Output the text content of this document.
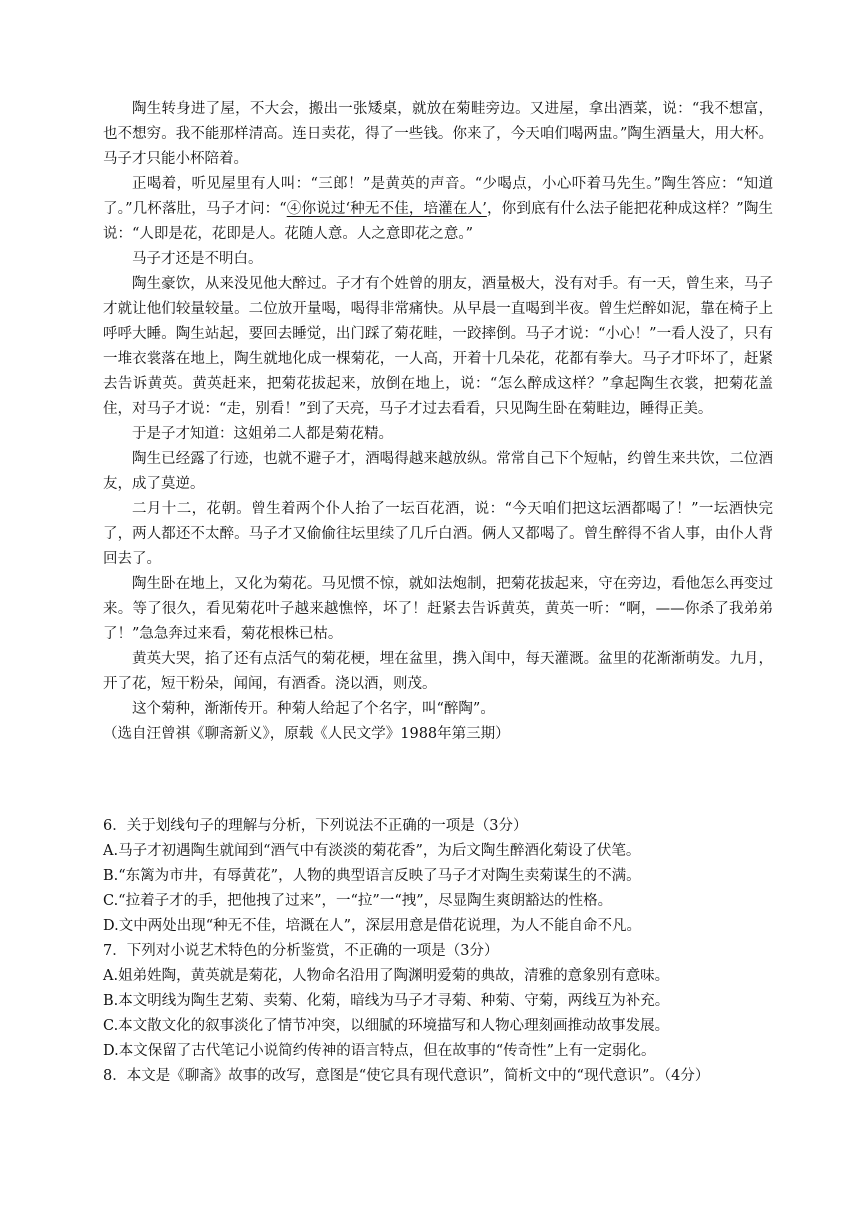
陶生转身进了屋，不大会，搬出一张矮桌，就放在菊畦旁边。又进屋，拿出酒菜，说：“我不想富，也不想穷。我不能那样清高。连日卖花，得了一些钱。你来了，今天咱们喝两盅。”陶生酒量大，用大杯。马子才只能小杯陪着。

正喝着，听见屋里有人叫：“三郎！”是黄英的声音。“少喝点，小心吓着马先生。”陶生答应：“知道了。”几杯落肚，马子才问：“④你说过‘种无不佳，培灌在人’，你到底有什么法子能把花种成这样？”陶生说：“人即是花，花即是人。花随人意。人之意即花之意。”

马子才还是不明白。

陶生豪饮，从来没见他大醉过。子才有个姓曾的朋友，酒量极大，没有对手。有一天，曾生来，马子才就让他们较量较量。二位放开量喝，喝得非常痛快。从早晨一直喝到半夜。曾生烂醉如泥，靠在椅子上呼呼大睡。陶生站起，要回去睡觉，出门踩了菊花畦，一跤摔倒。马子才说：“小心！”一看人没了，只有一堆衣裳落在地上，陶生就地化成一棵菊花，一人高，开着十几朵花，花都有拳大。马子才吓坏了，赶紧去告诉黄英。黄英赶来，把菊花拔起来，放倒在地上，说：“怎么醉成这样？”拿起陶生衣裳，把菊花盖住，对马子才说：“走，别看！”到了天亮，马子才过去看看，只见陶生卧在菊畦边，睡得正美。

于是子才知道：这姐弟二人都是菊花精。

陶生已经露了行迹，也就不避子才，酒喝得越来越放纵。常常自己下个短帖，约曾生来共饮，二位酒友，成了莫逆。

二月十二，花朝。曾生着两个仆人抬了一坛百花酒，说：“今天咱们把这坛酒都喝了！”一坛酒快完了，两人都还不太醉。马子才又偷偷往坛里续了几斤白酒。俩人又都喝了。曾生醉得不省人事，由仆人背回去了。

陶生卧在地上，又化为菊花。马见惯不惊，就如法炮制，把菊花拔起来，守在旁边，看他怎么再变过来。等了很久，看见菊花叶子越来越憔悴，坏了！赶紧去告诉黄英，黄英一听：“啊，——你杀了我弟弟了！”急急奔过来看，菊花根株已枯。

黄英大哭，掐了还有点活气的菊花梗，埋在盆里，携入闺中，每天灌溉。盆里的花渐渐萌发。九月，开了花，短干粉朵，闻闻，有酒香。浇以酒，则茂。

这个菊种，渐渐传开。种菊人给起了个名字，叫“醉陶”。

（选自汪曾祺《聊斋新义》，原载《人民文学》1988年第三期）

6．关于划线句子的理解与分析，下列说法不正确的一项是（3分）

A.马子才初遇陶生就闻到“酒气中有淡淡的菊花香”，为后文陶生醉酒化菊设了伏笔。

B.“东篱为市井，有辱黄花”，人物的典型语言反映了马子才对陶生卖菊谋生的不满。

C.“拉着子才的手，把他拽了过来”，一“拉”一“拽”，尽显陶生爽朗豁达的性格。

D.文中两处出现“种无不佳，培溉在人”，深层用意是借花说理，为人不能自命不凡。

7．下列对小说艺术特色的分析鉴赏，不正确的一项是（3分）

A.姐弟姓陶，黄英就是菊花，人物命名沿用了陶渊明爱菊的典故，清雅的意象别有意味。

B.本文明线为陶生艺菊、卖菊、化菊，暗线为马子才寻菊、种菊、守菊，两线互为补充。

C.本文散文化的叙事淡化了情节冲突，以细腻的环境描写和人物心理刻画推动故事发展。

D.本文保留了古代笔记小说简约传神的语言特点，但在故事的“传奇性”上有一定弱化。

8．本文是《聊斋》故事的改写，意图是“使它具有现代意识”，简析文中的“现代意识”。（4分）
